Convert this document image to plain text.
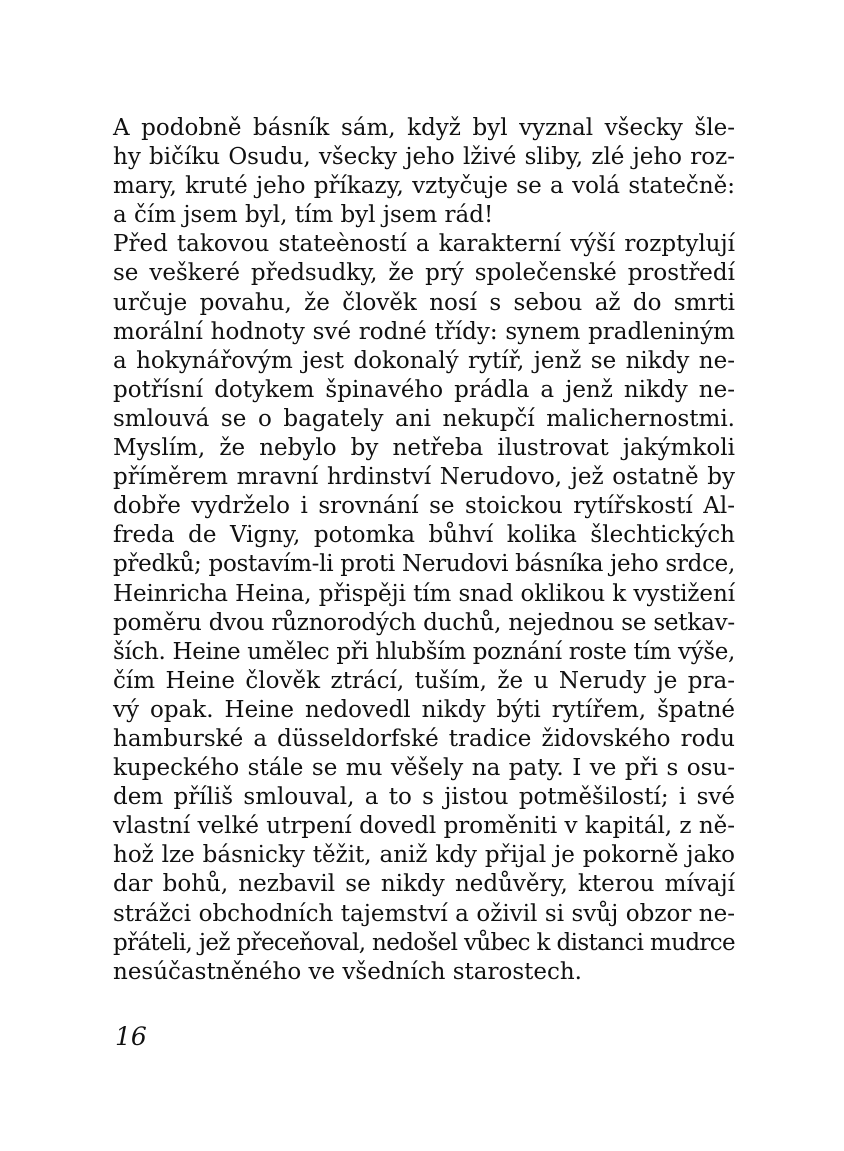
A podobně básník sám, když byl vyznal všecky šle-
hy bičíku Osudu, všecky jeho lživé sliby, zlé jeho roz-
mary, kruté jeho příkazy, vztyčuje se a volá statečně:
a čím jsem byl, tím byl jsem rád!
Před takovou stateèností a karakterní výší rozptylují
se veškeré předsudky, že prý společenské prostředí
určuje povahu, že člověk nosí s sebou až do smrti
morální hodnoty své rodné třídy: synem pradleniným
a hokynářovým jest dokonalý rytíř, jenž se nikdy ne-
potřísní dotykem špinavého prádla a jenž nikdy ne-
smlouvá se o bagately ani nekupčí malichernostmi.
Myslím, že nebylo by netřeba ilustrovat jakýmkoli
příměrem mravní hrdinství Nerudovo, jež ostatně by
dobře vydrželo i srovnání se stoickou rytířskostí Al-
freda de Vigny, potomka bůhví kolika šlechtických
předků; postavím-li proti Nerudovi básníka jeho srdce,
Heinricha Heina, přispěji tím snad oklikou k vystižení
poměru dvou různorodých duchů, nejednou se setkav-
ších. Heine umělec při hlubším poznání roste tím výše,
čím Heine člověk ztrácí, tuším, že u Nerudy je pra-
vý opak. Heine nedovedl nikdy býti rytířem, špatné
hamburské a düsseldorfské tradice židovského rodu
kupeckého stále se mu věšely na paty. I ve při s osu-
dem příliš smlouval, a to s jistou potměšilostí; i své
vlastní velké utrpení dovedl proměniti v kapitál, z ně-
hož lze básnicky těžit, aniž kdy přijal je pokorně jako
dar bohů, nezbavil se nikdy nedůvěry, kterou mívají
strážci obchodních tajemství a oživil si svůj obzor ne-
přáteli, jež přeceňoval, nedošel vůbec k distanci mudrce
nesúčastněného ve všedních starostech.
16
